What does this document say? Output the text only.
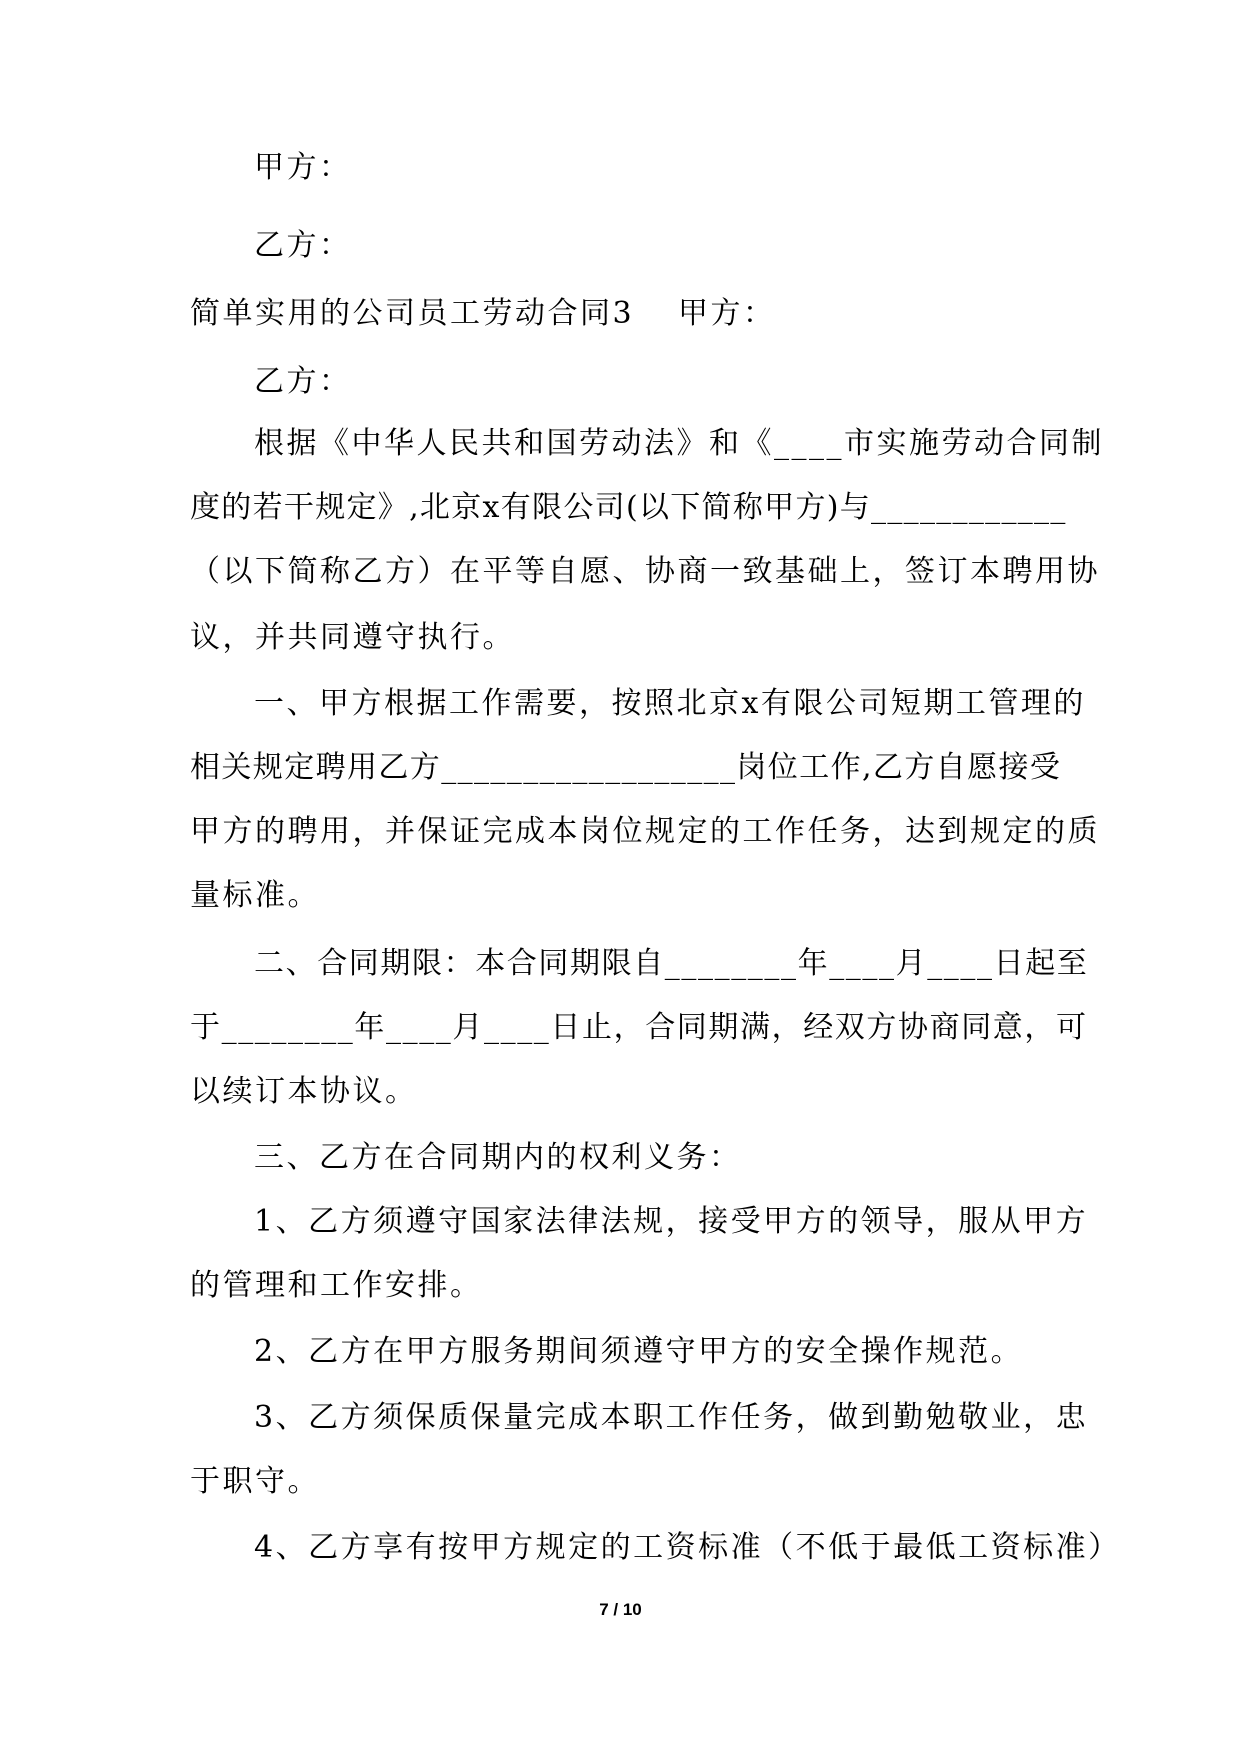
甲方：
乙方：
简单实用的公司员工劳动合同3 甲方：
乙方：
根据《中华人民共和国劳动法》和《____市实施劳动合同制
度的若干规定》,北京x有限公司(以下简称甲方)与____________
（以下简称乙方）在平等自愿、协商一致基础上，签订本聘用协
议，并共同遵守执行。
一、甲方根据工作需要，按照北京x有限公司短期工管理的
相关规定聘用乙方__________________岗位工作,乙方自愿接受
甲方的聘用，并保证完成本岗位规定的工作任务，达到规定的质
量标准。
二、合同期限：本合同期限自________年____月____日起至
于________年____月____日止，合同期满，经双方协商同意，可
以续订本协议。
三、乙方在合同期内的权利义务：
1、乙方须遵守国家法律法规，接受甲方的领导，服从甲方
的管理和工作安排。
2、乙方在甲方服务期间须遵守甲方的安全操作规范。
3、乙方须保质保量完成本职工作任务，做到勤勉敬业，忠
于职守。
4、乙方享有按甲方规定的工资标准（不低于最低工资标准）
7 / 10
